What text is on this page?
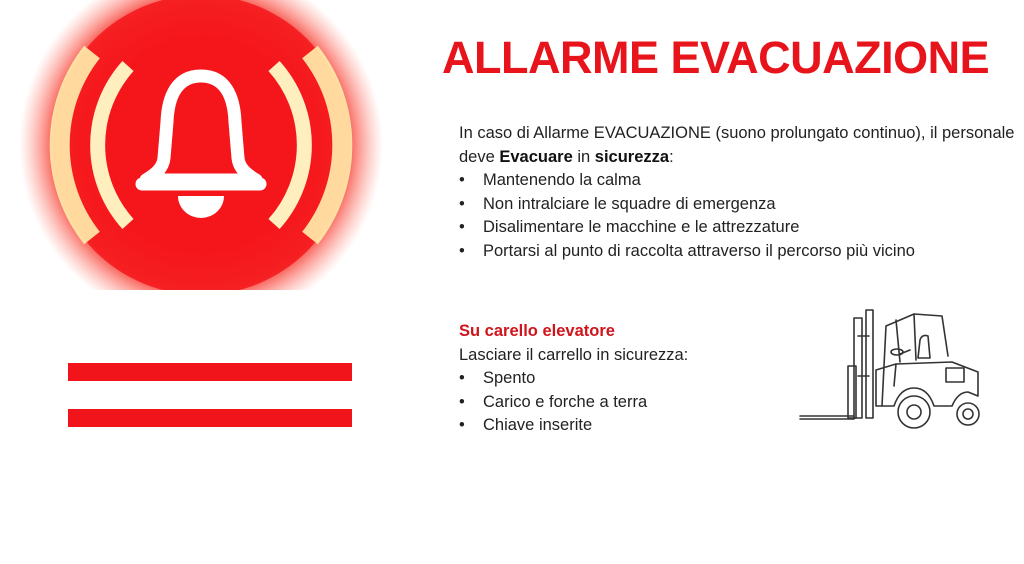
ALLARME EVACUAZIONE

In caso di Allarme EVACUAZIONE (suono prolungato continuo), il personale deve Evacuare in sicurezza:

• Mantenendo la calma
• Non intralciare le squadre di emergenza
• Disalimentare le macchine e le attrezzature
• Portarsi al punto di raccolta attraverso il percorso più vicino

Su carello elevatore

Lasciare il carrello in sicurezza:

• Spento
• Carico e forche a terra
• Chiave inserite
